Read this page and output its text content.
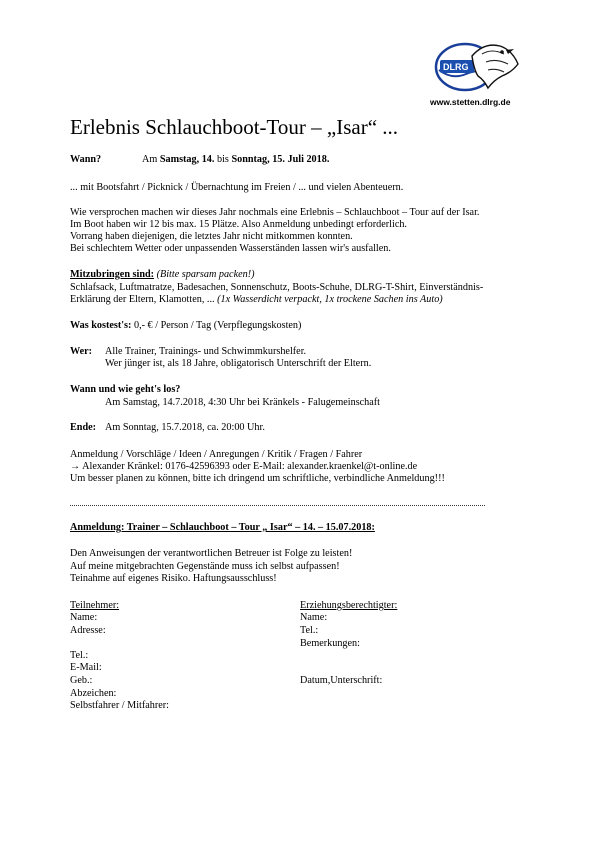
DLRG
www.stetten.dlrg.de
Erlebnis Schlauchboot-Tour – „Isar“ ...
Wann?	Am Samstag, 14. bis Sonntag, 15. Juli 2018.
... mit Bootsfahrt / Picknick / Übernachtung im Freien / ... und vielen Abenteuern.
Wie versprochen machen wir dieses Jahr nochmals eine Erlebnis – Schlauchboot – Tour auf der Isar.
Im Boot haben wir 12 bis max. 15 Plätze. Also Anmeldung unbedingt erforderlich.
Vorrang haben diejenigen, die letztes Jahr nicht mitkommen konnten.
Bei schlechtem Wetter oder unpassenden Wasserständen lassen wir's ausfallen.
Mitzubringen sind: (Bitte sparsam packen!)
Schlafsack, Luftmatratze, Badesachen, Sonnenschutz, Boots-Schuhe, DLRG-T-Shirt, Einverständnis-
Erklärung der Eltern, Klamotten, ... (1x Wasserdicht verpackt, 1x trockene Sachen ins Auto)
Was kostest's: 0,- € / Person / Tag (Verpflegungskosten)
Wer: Alle Trainer, Trainings- und Schwimmkurshelfer.
Wer jünger ist, als 18 Jahre, obligatorisch Unterschrift der Eltern.
Wann und wie geht's los?
Am Samstag, 14.7.2018, 4:30 Uhr bei Kränkels - Falugemeinschaft
Ende: Am Sonntag, 15.7.2018, ca. 20:00 Uhr.
Anmeldung / Vorschläge / Ideen / Anregungen / Kritik / Fragen / Fahrer
→ Alexander Kränkel: 0176-42596393 oder E-Mail: alexander.kraenkel@t-online.de
Um besser planen zu können, bitte ich dringend um schriftliche, verbindliche Anmeldung!!!
Anmeldung: Trainer – Schlauchboot – Tour „ Isar“ – 14. – 15.07.2018:
Den Anweisungen der verantwortlichen Betreuer ist Folge zu leisten!
Auf meine mitgebrachten Gegenstände muss ich selbst aufpassen!
Teinahme auf eigenes Risiko. Haftungsausschluss!
Teilnehmer:
Name:
Adresse:
Tel.:
E-Mail:
Geb.:
Abzeichen:
Selbstfahrer / Mitfahrer:
Erziehungsberechtigter:
Name:
Tel.:
Bemerkungen:
Datum,Unterschrift:
